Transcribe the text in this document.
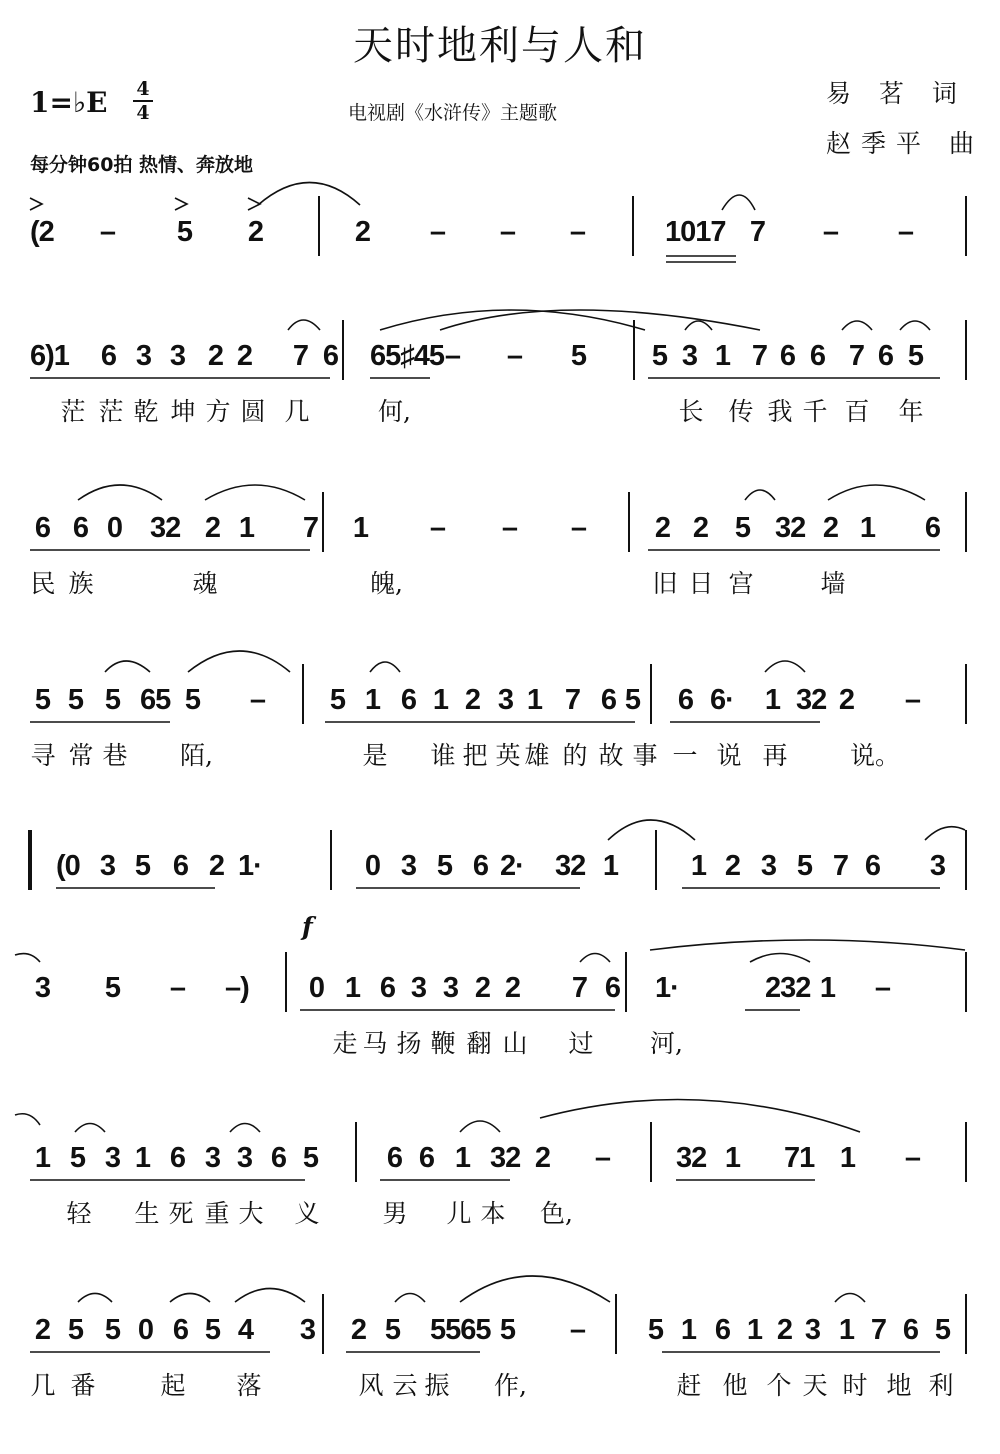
天时地利与人和
1=♭E 4
4	电视剧《水浒传》主题歌
易 茗 词
赵季平 曲
每分钟60拍 热情、奔放地
f
(2 – 5 2	2 – – –	1017 7 – –
6)1 6 3 3 2 2 7 6 65♯45 – – 5 5 3 1 7 6 6 7 6 5
茫 茫 乾 坤 方 圆 几	何,	长 传 我 千 百 年
6 6 0 32 2 1 7 1 – – – 2 2 5 32 2 1 6
民 族	魂	魄,	旧 日 宫	墙
5 5 5 65 5 – 5 1 6 1 2 3 1 7 6 5 6 6· 1 32 2 –
寻 常 巷 陌,	是 谁 把 英 雄 的 故 事 一 说 再	说。
(0 3 5 6 2 1·	0 3 5 6 2· 32 1 1 2 3 5 7 6 3
3 5 – –) 0 1 6 3 3 2 2 7 6 1·	232 1 –
走 马 扬 鞭 翻 山 过 河,
1 5 3 1 6 3 3 6 5 6 6 1 32 2 – 32 1 71 1 –
轻 生 死 重 大 义	男 儿 本 色,
2 5 5 0 6 5 4 3 2 5 5565 5 – 5 1 6 1 2 3 1 7 6 5
几 番	起 落	风 云 振 作,	赶 他 个 天 时 地 利
